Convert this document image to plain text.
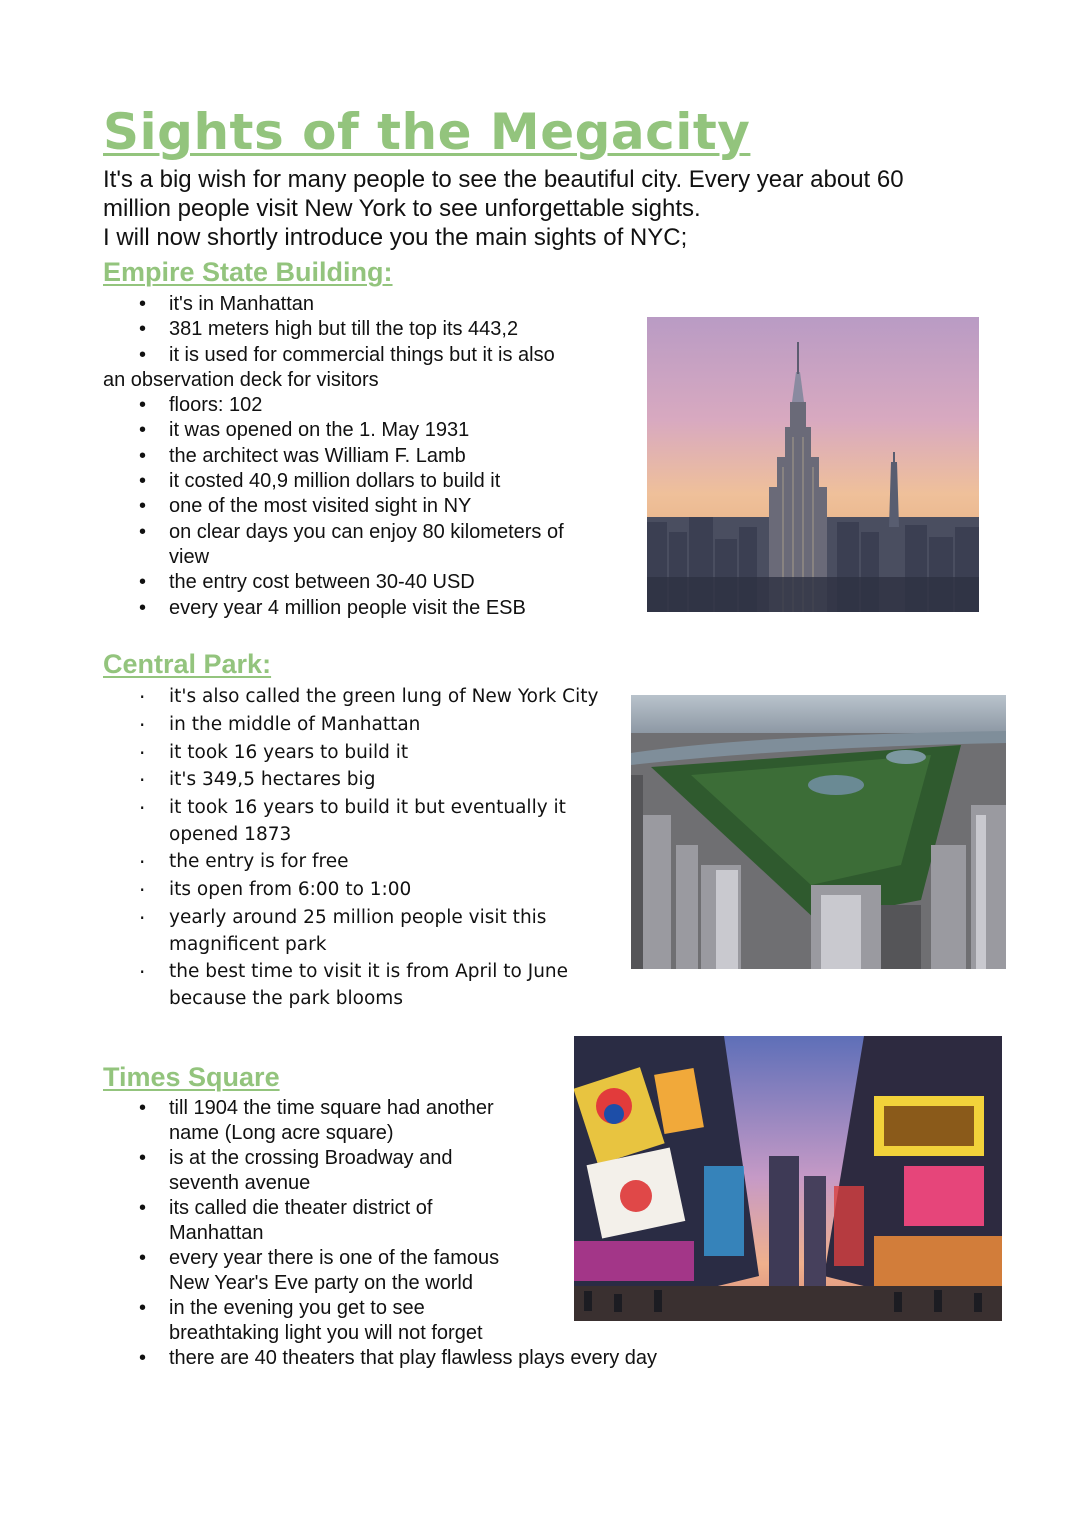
Sights of the Megacity
It's a big wish for many people to see the beautiful city. Every year about 60
million people visit New York to see unforgettable sights.
I will now shortly introduce you the main sights of NYC;
Empire State Building:
• it's in Manhattan
• 381 meters high but till the top its 443,2
• it is used for commercial things but it is also
an observation deck for visitors
• floors: 102
• it was opened on the 1. May 1931
• the architect was William F. Lamb
• it costed 40,9 million dollars to build it
• one of the most visited sight in NY
• on clear days you can enjoy 80 kilometers of
view
• the entry cost between 30-40 USD
• every year 4 million people visit the ESB
Central Park:
· it's also called the green lung of New York City
· in the middle of Manhattan
· it took 16 years to build it
· it's 349,5 hectares big
· it took 16 years to build it but eventually it
opened 1873
· the entry is for free
· its open from 6:00 to 1:00
· yearly around 25 million people visit this
magnificent park
· the best time to visit it is from April to June
because the park blooms
Times Square
• till 1904 the time square had another
name (Long acre square)
• is at the crossing Broadway and
seventh avenue
• its called die theater district of
Manhattan
• every year there is one of the famous
New Year's Eve party on the world
• in the evening you get to see
breathtaking light you will not forget
• there are 40 theaters that play flawless plays every day
